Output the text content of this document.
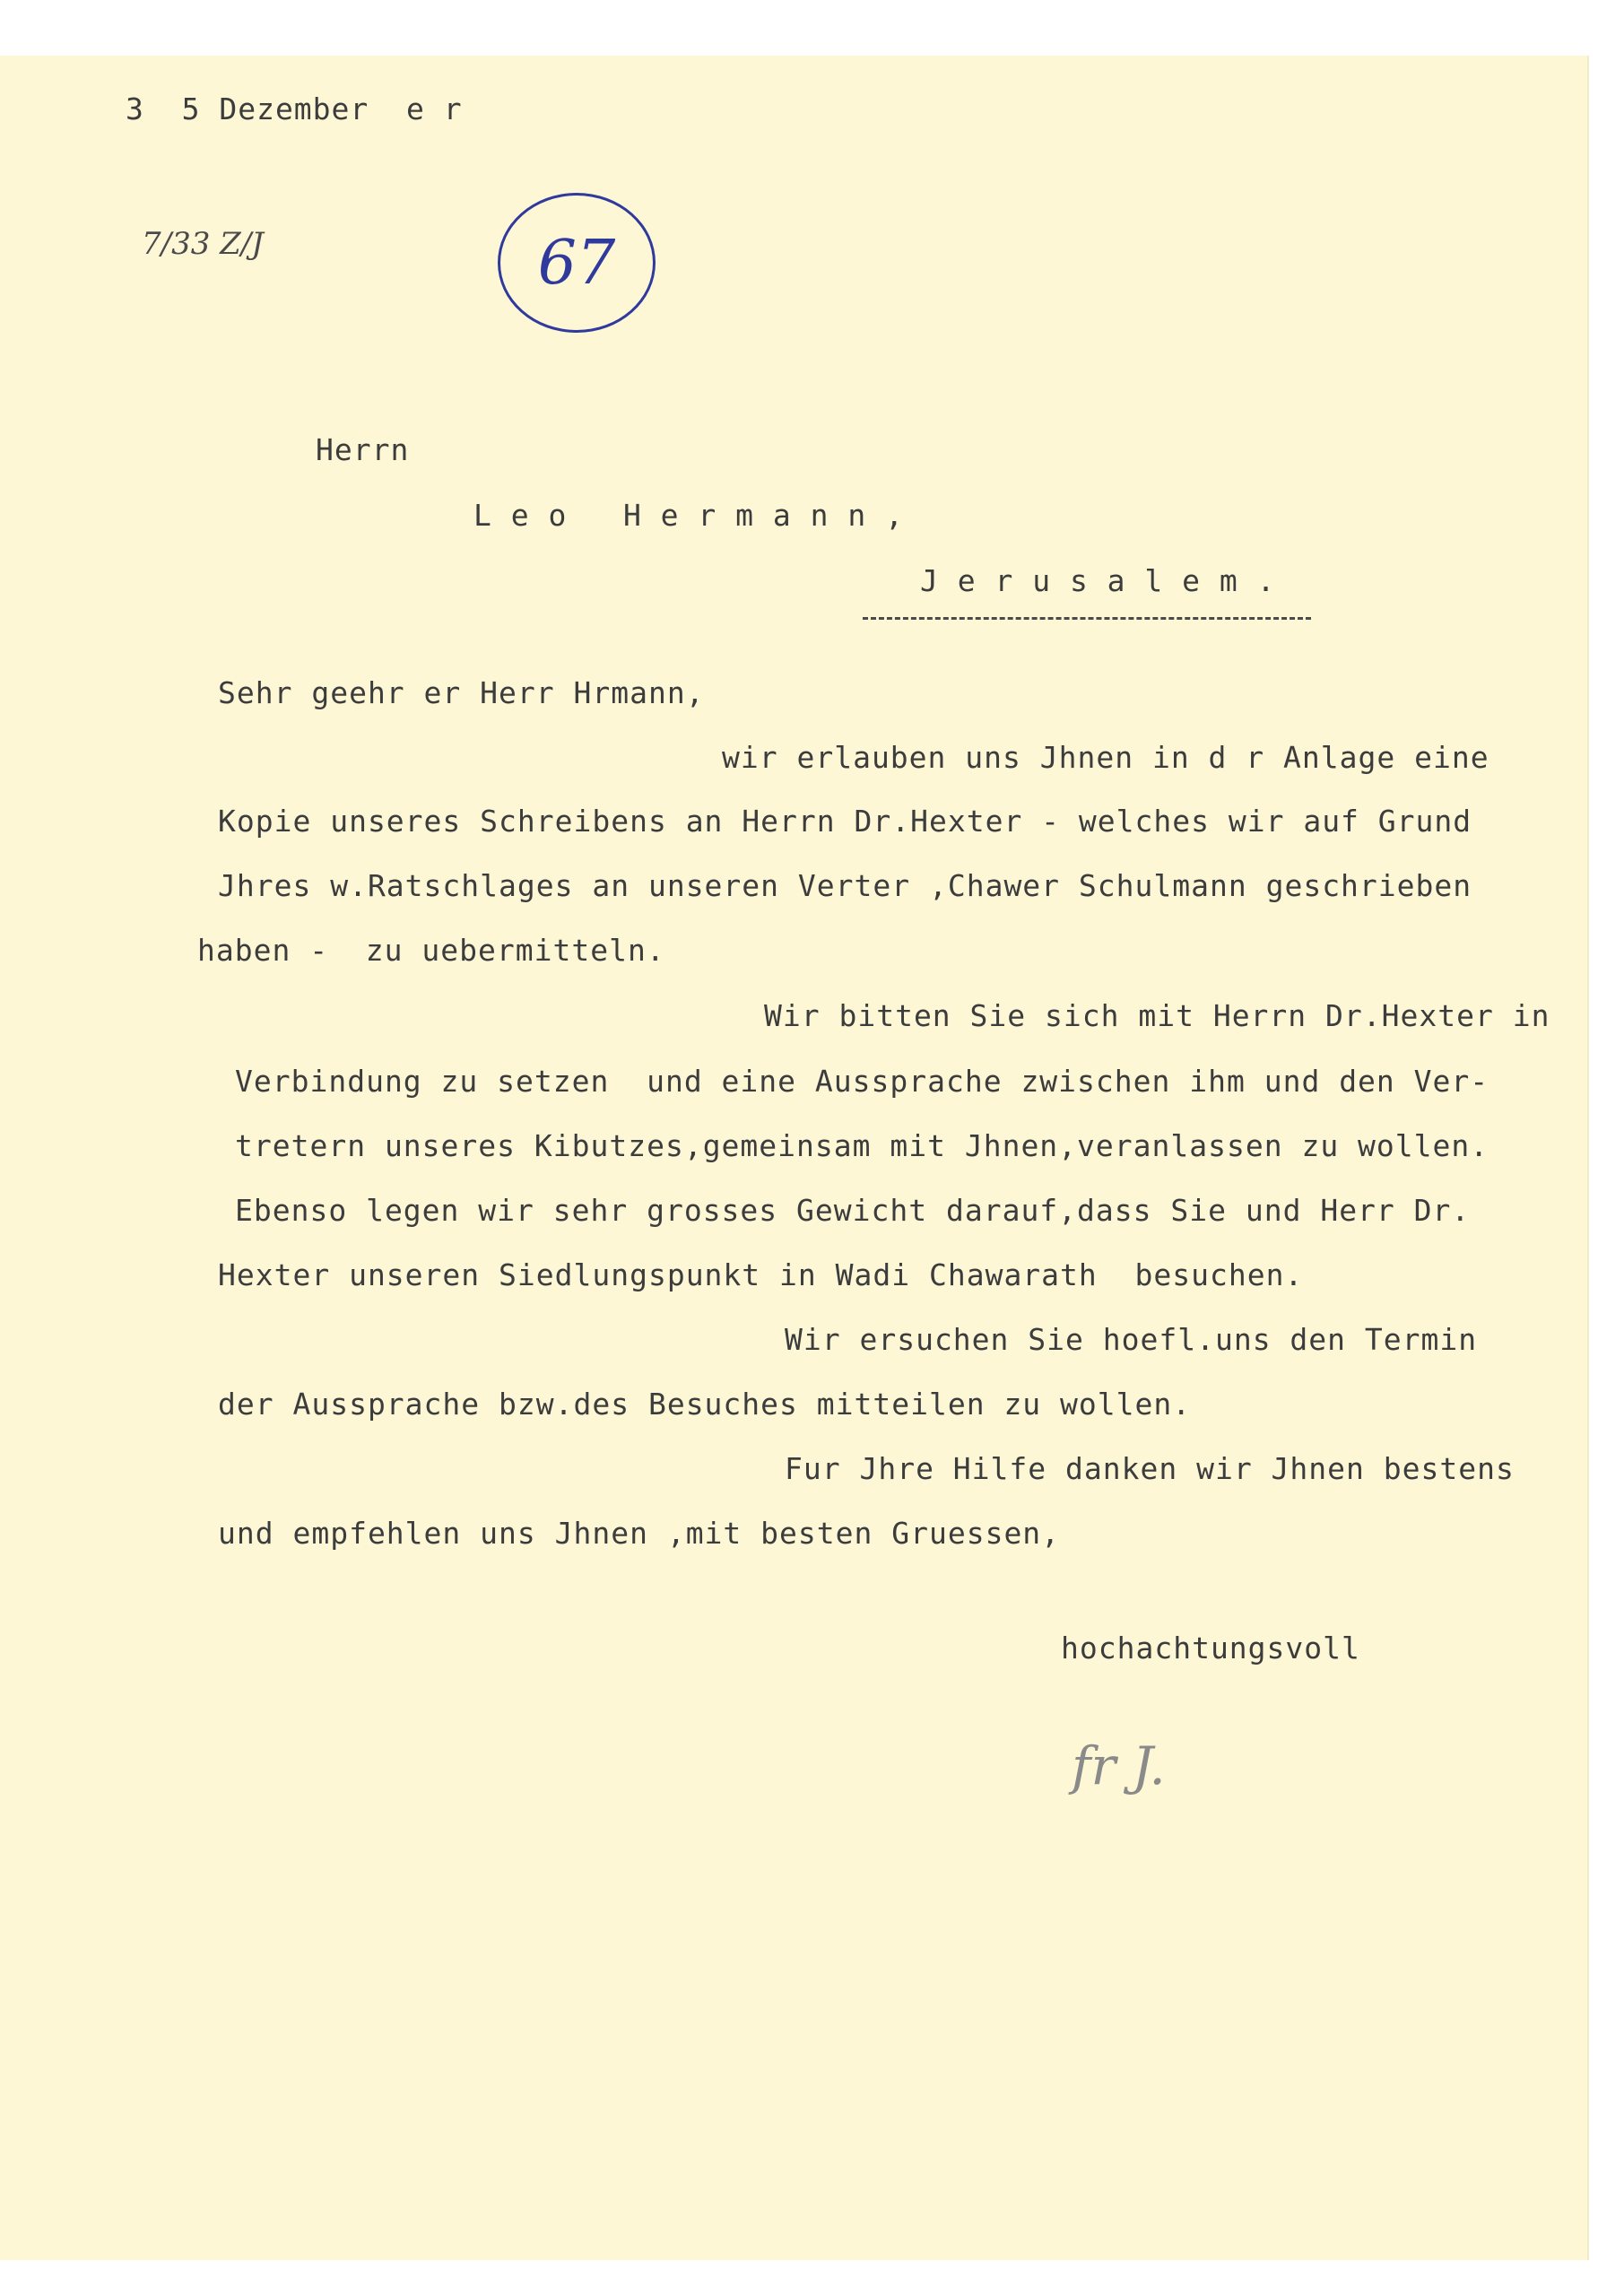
3  5 Dezember  e r

7/33 Z/J	67

Herrn

L e o   H e r m a n n ,

J e r u s a l e m .

Sehr geehr er Herr Hrmann,

wir erlauben uns Jhnen in d r Anlage eine

Kopie unseres Schreibens an Herrn Dr.Hexter - welches wir auf Grund

Jhres w.Ratschlages an unseren Verter ,Chawer Schulmann geschrieben

haben -  zu uebermitteln.

Wir bitten Sie sich mit Herrn Dr.Hexter in

Verbindung zu setzen  und eine Aussprache zwischen ihm und den Ver-

tretern unseres Kibutzes,gemeinsam mit Jhnen,veranlassen zu wollen.

Ebenso legen wir sehr grosses Gewicht darauf,dass Sie und Herr Dr.

Hexter unseren Siedlungspunkt in Wadi Chawarath  besuchen.

Wir ersuchen Sie hoefl.uns den Termin

der Aussprache bzw.des Besuches mitteilen zu wollen.

Fur Jhre Hilfe danken wir Jhnen bestens

und empfehlen uns Jhnen ,mit besten Gruessen,

hochachtungsvoll

fr J.
